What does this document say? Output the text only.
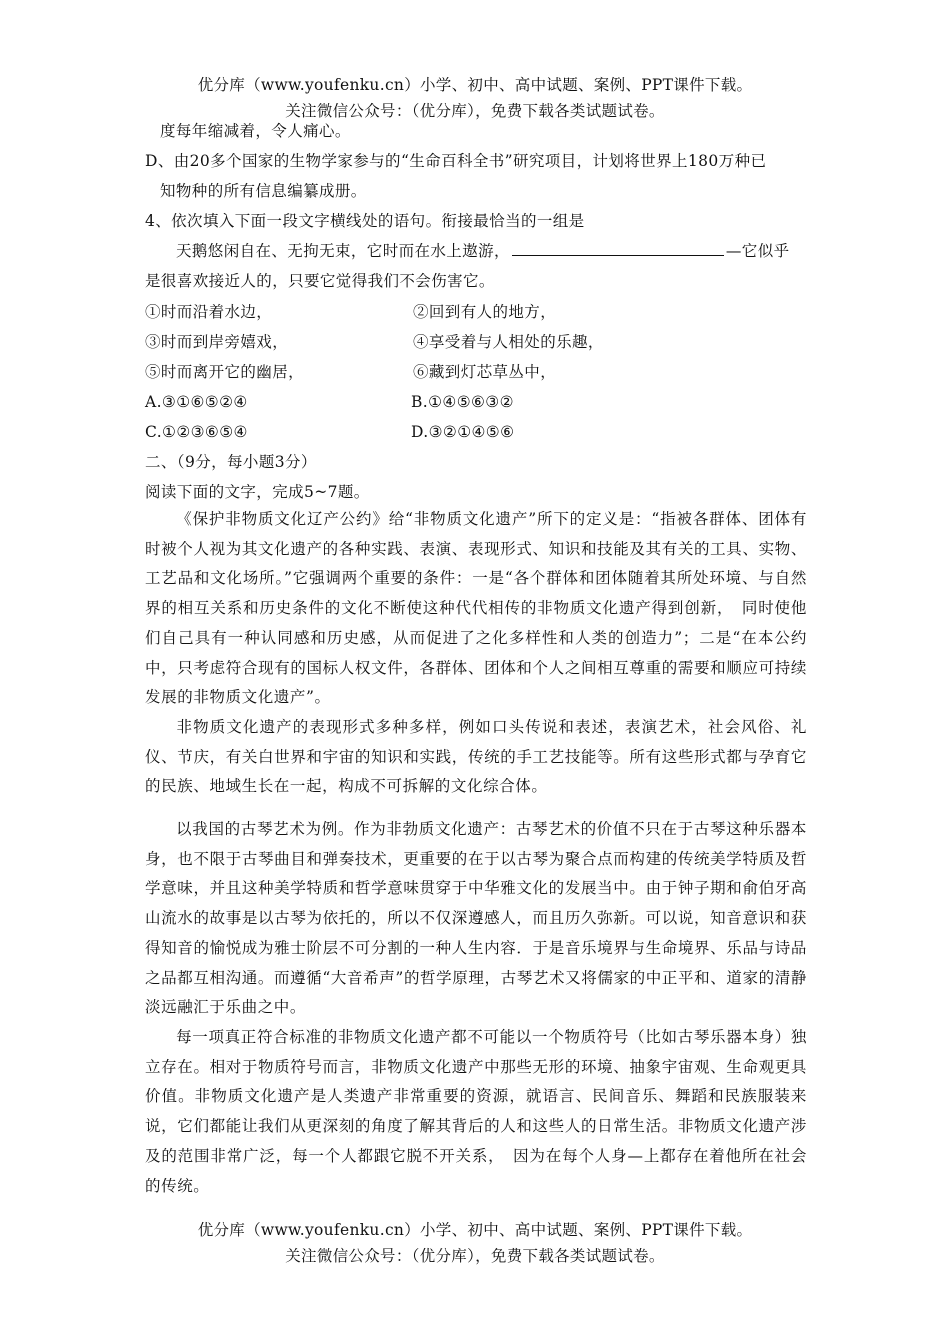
优分库（www.youfenku.cn）小学、初中、高中试题、案例、PPT课件下载。
关注微信公众号：（优分库），免费下载各类试题试卷。
度每年缩减着，令人痛心。
D、由20多个国家的生物学家参与的“生命百科全书”研究项目，计划将世界上180万种已
知物种的所有信息编纂成册。
4、依次填入下面一段文字横线处的语句。衔接最恰当的一组是
天鹅悠闲自在、无拘无束，它时而在水上遨游，	—它似乎
是很喜欢接近人的，只要它觉得我们不会伤害它。
①时而沿着水边，	②回到有人的地方，
③时而到岸旁嬉戏，	④享受着与人相处的乐趣，
⑤时而离开它的幽居，	⑥藏到灯芯草丛中，
A.③①⑥⑤②④	B.①④⑤⑥③②
C.①②③⑥⑤④	D.③②①④⑤⑥
二、（9分，每小题3分）
阅读下面的文字，完成5~7题。
《保护非物质文化辽产公约》给“非物质文化遗产”所下的定义是：“指被各群体、团体有时被个人视为其文化遗产的各种实践、表演、表现形式、知识和技能及其有关的工具、实物、工艺品和文化场所。”它强调两个重要的条件：一是“各个群体和团体随着其所处环境、与自然界的相互关系和历史条件的文化不断使这种代代相传的非物质文化遗产得到创新，　同时使他们自己具有一种认同感和历史感，从而促进了之化多样性和人类的创造力”；二是“在本公约中，只考虑符合现有的国标人权文件，各群体、团体和个人之间相互尊重的需要和顺应可持续发展的非物质文化遗产”。
非物质文化遗产的表现形式多种多样，例如口头传说和表述，表演艺术，社会风俗、礼仪、节庆，有关白世界和宇宙的知识和实践，传统的手工艺技能等。所有这些形式都与孕育它的民族、地域生长在一起，构成不可拆解的文化综合体。
以我国的古琴艺术为例。作为非勃质文化遗产：古琴艺术的价值不只在于古琴这种乐器本身，也不限于古琴曲目和弹奏技术，更重要的在于以古琴为聚合点而构建的传统美学特质及哲学意味，并且这种美学特质和哲学意味贯穿于中华雅文化的发展当中。由于钟子期和俞伯牙高山流水的故事是以古琴为依托的，所以不仅深遵感人，而且历久弥新。可以说，知音意识和获得知音的愉悦成为雅士阶层不可分割的一种人生内容．于是音乐境界与生命境界、乐品与诗品之品都互相沟通。而遵循“大音希声”的哲学原理，古琴艺术又将儒家的中正平和、道家的清静淡远融汇于乐曲之中。
每一项真正符合标准的非物质文化遗产都不可能以一个物质符号（比如古琴乐器本身）独立存在。相对于物质符号而言，非物质文化遗产中那些无形的环境、抽象宇宙观、生命观更具价值。非物质文化遗产是人类遗产非常重要的资源，就语言、民间音乐、舞蹈和民族服装来说，它们都能让我们从更深刻的角度了解其背后的人和这些人的日常生活。非物质文化遗产涉及的范围非常广泛，每一个人都跟它脱不开关系，　因为在每个人身—上都存在着他所在社会的传统。
优分库（www.youfenku.cn）小学、初中、高中试题、案例、PPT课件下载。
关注微信公众号：（优分库），免费下载各类试题试卷。
